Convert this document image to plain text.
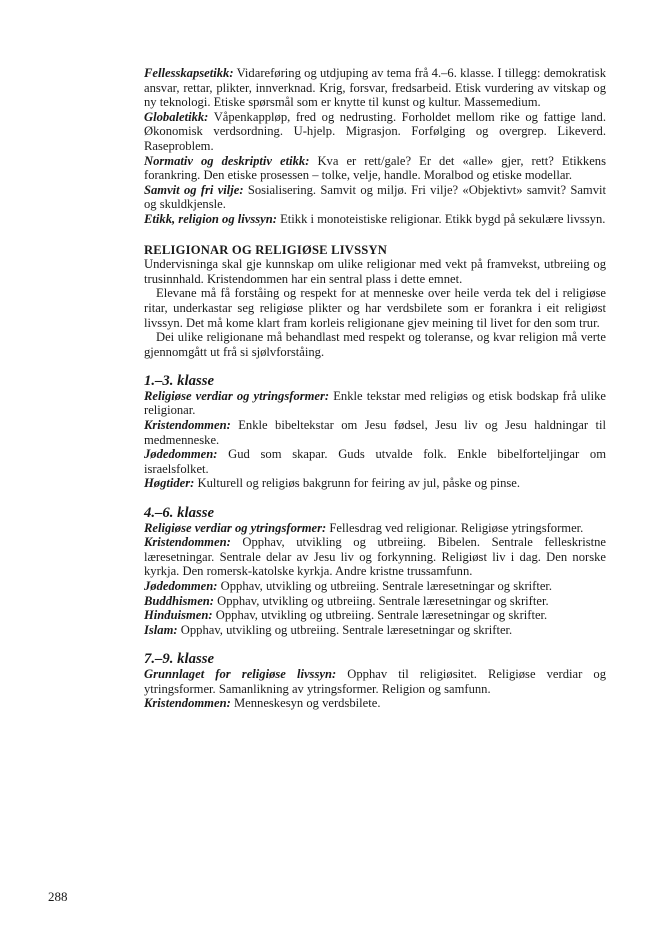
Fellesskapsetikk: Vidareføring og utdjuping av tema frå 4.–6. klasse. I tillegg: demokratisk ansvar, rettar, plikter, innverknad. Krig, forsvar, fredsarbeid. Etisk vurdering av vitskap og ny teknologi. Etiske spørsmål som er knytte til kunst og kultur. Massemedium.

Globaletikk: Våpenkappløp, fred og nedrusting. Forholdet mellom rike og fattige land. Økonomisk verdsordning. U-hjelp. Migrasjon. Forfølging og overgrep. Likeverd. Raseproblem.

Normativ og deskriptiv etikk: Kva er rett/gale? Er det «alle» gjer, rett? Etikkens forankring. Den etiske prosessen – tolke, velje, handle. Moralbod og etiske modellar.

Samvit og fri vilje: Sosialisering. Samvit og miljø. Fri vilje? «Objektivt» samvit? Samvit og skuldkjensle.

Etikk, religion og livssyn: Etikk i monoteistiske religionar. Etikk bygd på sekulære livssyn.

RELIGIONAR OG RELIGIØSE LIVSSYN

Undervisninga skal gje kunnskap om ulike religionar med vekt på framvekst, utbreiing og trusinnhald. Kristendommen har ein sentral plass i dette emnet.

Elevane må få forståing og respekt for at menneske over heile verda tek del i religiøse ritar, underkastar seg religiøse plikter og har verdsbilete som er forankra i eit religiøst livssyn. Det må kome klart fram korleis religionane gjev meining til livet for den som trur.

Dei ulike religionane må behandlast med respekt og toleranse, og kvar religion må verte gjennomgått ut frå si sjølvforståing.

1.–3. klasse

Religiøse verdiar og ytringsformer: Enkle tekstar med religiøs og etisk bodskap frå ulike religionar.

Kristendommen: Enkle bibeltekstar om Jesu fødsel, Jesu liv og Jesu haldningar til medmenneske.

Jødedommen: Gud som skapar. Guds utvalde folk. Enkle bibelforteljingar om israelsfolket.

Høgtider: Kulturell og religiøs bakgrunn for feiring av jul, påske og pinse.

4.–6. klasse

Religiøse verdiar og ytringsformer: Fellesdrag ved religionar. Religiøse ytringsformer.

Kristendommen: Opphav, utvikling og utbreiing. Bibelen. Sentrale felleskristne læresetningar. Sentrale delar av Jesu liv og forkynning. Religiøst liv i dag. Den norske kyrkja. Den romersk-katolske kyrkja. Andre kristne trussamfunn.

Jødedommen: Opphav, utvikling og utbreiing. Sentrale læresetningar og skrifter.

Buddhismen: Opphav, utvikling og utbreiing. Sentrale læresetningar og skrifter.

Hinduismen: Opphav, utvikling og utbreiing. Sentrale læresetningar og skrifter.

Islam: Opphav, utvikling og utbreiing. Sentrale læresetningar og skrifter.

7.–9. klasse

Grunnlaget for religiøse livssyn: Opphav til religiøsitet. Religiøse verdiar og ytringsformer. Samanlikning av ytringsformer. Religion og samfunn.

Kristendommen: Menneskesyn og verdsbilete.

288
